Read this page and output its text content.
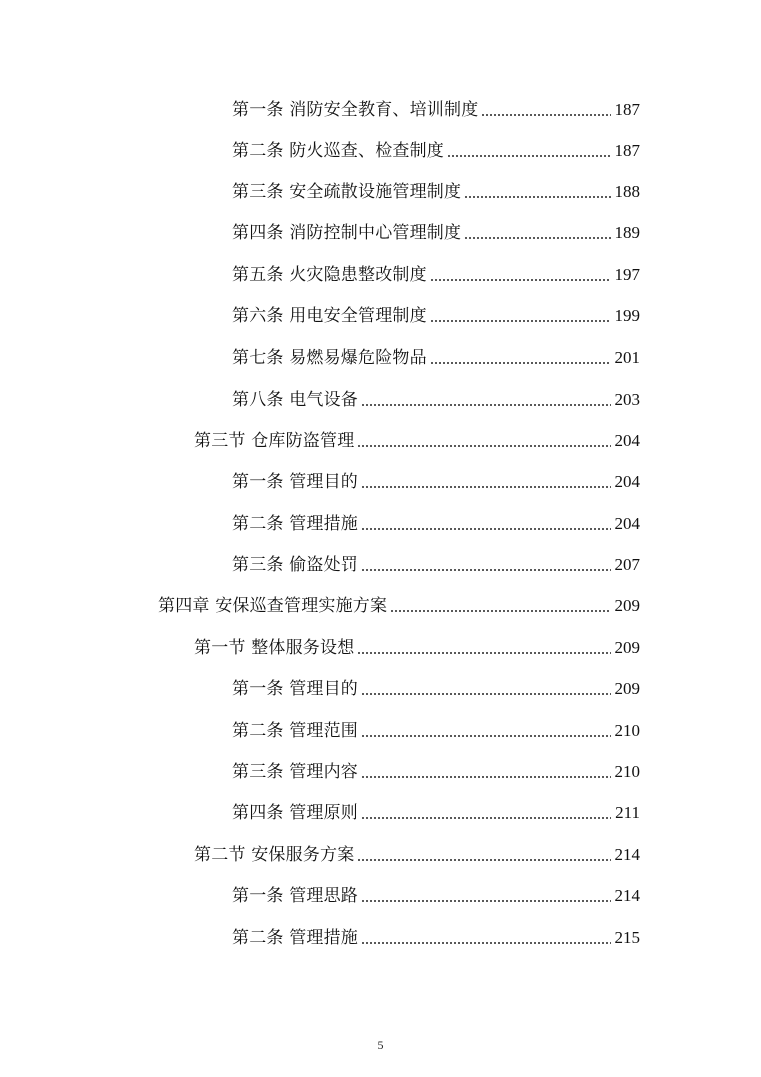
第一条 消防安全教育、培训制度	187
第二条 防火巡查、检查制度	187
第三条 安全疏散设施管理制度	188
第四条 消防控制中心管理制度	189
第五条 火灾隐患整改制度	197
第六条 用电安全管理制度	199
第七条 易燃易爆危险物品	201
第八条 电气设备	203
第三节 仓库防盗管理	204
第一条 管理目的	204
第二条 管理措施	204
第三条 偷盗处罚	207
第四章 安保巡查管理实施方案	209
第一节 整体服务设想	209
第一条 管理目的	209
第二条 管理范围	210
第三条 管理内容	210
第四条 管理原则	211
第二节 安保服务方案	214
第一条 管理思路	214
第二条 管理措施	215
5
